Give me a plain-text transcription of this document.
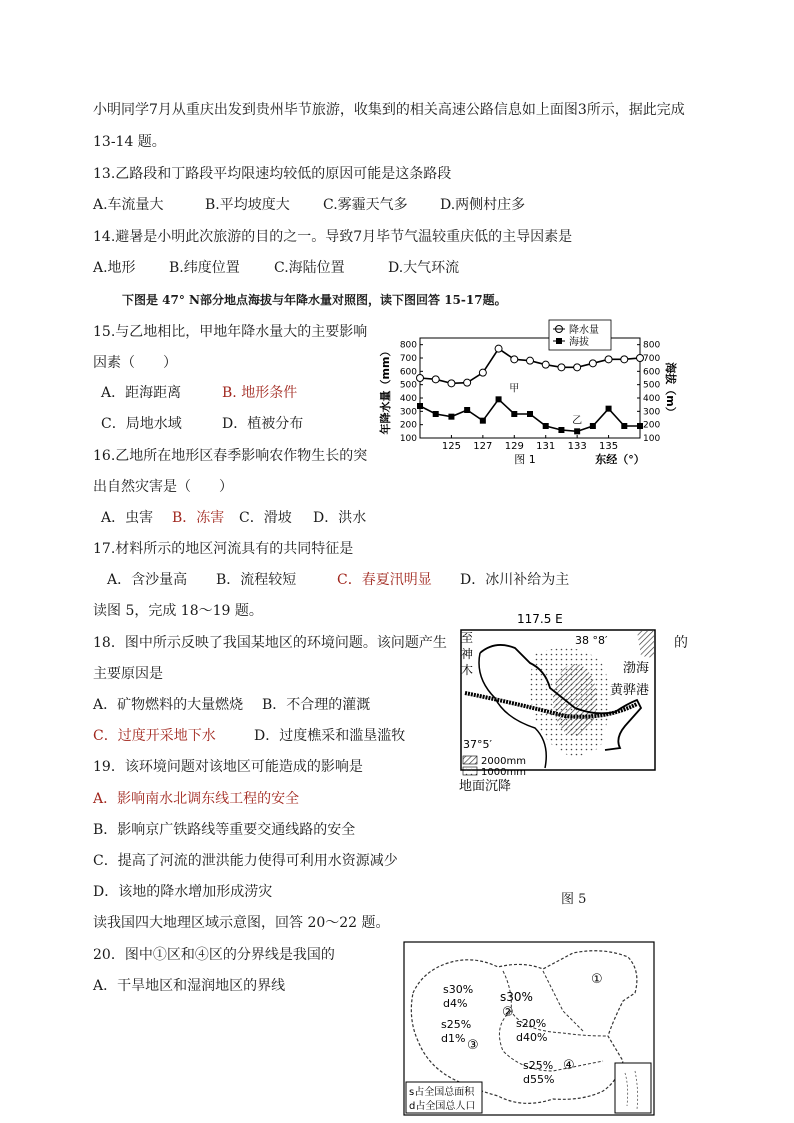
小明同学7月从重庆出发到贵州毕节旅游，收集到的相关高速公路信息如上面图3所示，据此完成
13-14 题。
13.乙路段和丁路段平均限速均较低的原因可能是这条路段
A.车流量大	B.平均坡度大 C.雾霾天气多 D.两侧村庄多
14.避暑是小明此次旅游的目的之一。导致7月毕节气温较重庆低的主导因素是
A.地形 B.纬度位置 C.海陆位置	D.大气环流
下图是 47° N部分地点海拔与年降水量对照图，读下图回答 15-17题。
15.与乙地相比，甲地年降水量大的主要影响
因素（　　）
A．距海距离	B. 地形条件
C．局地水域	D．植被分布
16.乙地所在地形区春季影响农作物生长的突
出自然灾害是（　　）
A．虫害 B．冻害 C．滑坡 D．洪水
17.材料所示的地区河流具有的共同特征是
A．含沙量高 B．流程较短	C．春夏汛明显 D．冰川补给为主
读图 5，完成 18～19 题。
18．图中所示反映了我国某地区的环境问题。该问题产生	的
主要原因是
A．矿物燃料的大量燃烧 B．不合理的灌溉
C．过度开采地下水	D．过度樵采和滥垦滥牧
19．该环境问题对该地区可能造成的影响是
A．影响南水北调东线工程的安全
B．影响京广铁路线等重要交通线路的安全
C．提高了河流的泄洪能力使得可利用水资源减少
D．该地的降水增加形成涝灾
读我国四大地理区域示意图，回答 20～22 题。
20．图中①区和④区的分界线是我国的
A．干旱地区和湿润地区的界线
100
200
300
400
500
600
700
800
100
200
300
400
500
600
700
800
125 127 129 131 133 135
降水量
海拔
年降水量（mm）	海拔（m）
图 1	东经（°）
甲
乙
117.5 E
38 °8′
至
神
木	渤海
黄骅港
37°5′
2000mm
1000mm
地面沉降
图 5
①
s30%
s30%
d4%
②
s25%
d1% ③
s20%
d40%
s25%
d55%
④
s占全国总面积
d占全国总人口
